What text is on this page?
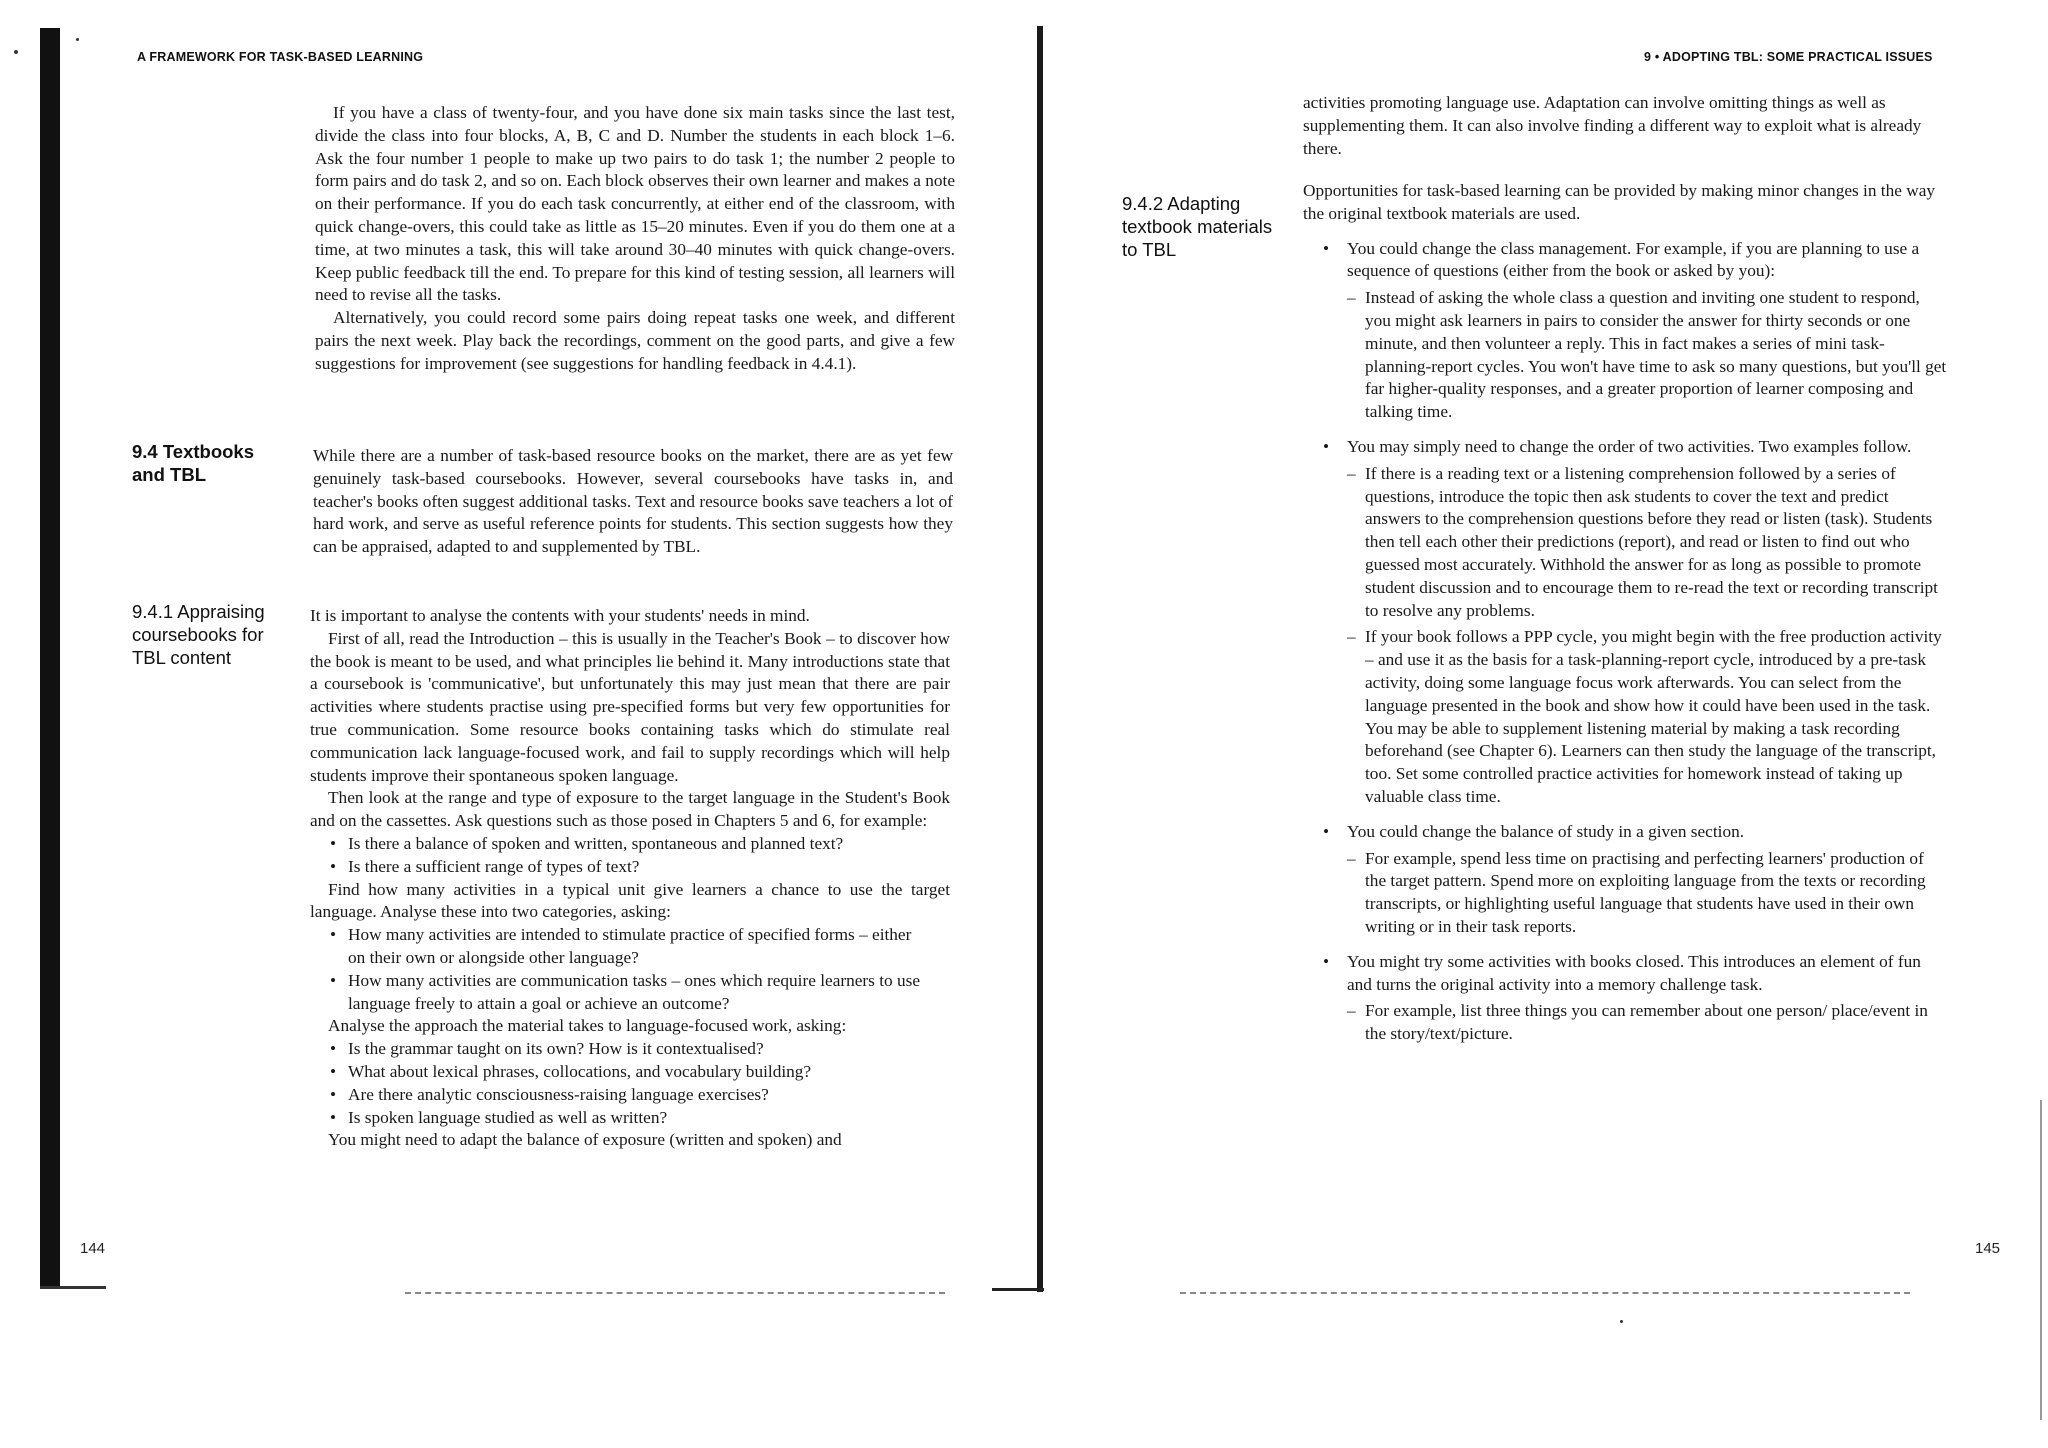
A FRAMEWORK FOR TASK-BASED LEARNING

If you have a class of twenty-four, and you have done six main tasks since the last test, divide the class into four blocks, A, B, C and D. Number the students in each block 1–6. Ask the four number 1 people to make up two pairs to do task 1; the number 2 people to form pairs and do task 2, and so on. Each block observes their own learner and makes a note on their performance. If you do each task concurrently, at either end of the classroom, with quick change-overs, this could take as little as 15–20 minutes. Even if you do them one at a time, at two minutes a task, this will take around 30–40 minutes with quick change-overs. Keep public feedback till the end. To prepare for this kind of testing session, all learners will need to revise all the tasks.

Alternatively, you could record some pairs doing repeat tasks one week, and different pairs the next week. Play back the recordings, comment on the good parts, and give a few suggestions for improvement (see suggestions for handling feedback in 4.4.1).

9.4 Textbooks
and TBL

While there are a number of task-based resource books on the market, there are as yet few genuinely task-based coursebooks. However, several coursebooks have tasks in, and teacher's books often suggest additional tasks. Text and resource books save teachers a lot of hard work, and serve as useful reference points for students. This section suggests how they can be appraised, adapted to and supplemented by TBL.

9.4.1 Appraising
coursebooks for
TBL content

It is important to analyse the contents with your students' needs in mind.

First of all, read the Introduction – this is usually in the Teacher's Book – to discover how the book is meant to be used, and what principles lie behind it. Many introductions state that a coursebook is 'communicative', but unfortunately this may just mean that there are pair activities where students practise using pre-specified forms but very few opportunities for true communication. Some resource books containing tasks which do stimulate real communication lack language-focused work, and fail to supply recordings which will help students improve their spontaneous spoken language.

Then look at the range and type of exposure to the target language in the Student's Book and on the cassettes. Ask questions such as those posed in Chapters 5 and 6, for example:

• Is there a balance of spoken and written, spontaneous and planned text?
• Is there a sufficient range of types of text?

Find how many activities in a typical unit give learners a chance to use the target language. Analyse these into two categories, asking:

• How many activities are intended to stimulate practice of specified forms – either on their own or alongside other language?
• How many activities are communication tasks – ones which require learners to use language freely to attain a goal or achieve an outcome?

Analyse the approach the material takes to language-focused work, asking:

• Is the grammar taught on its own? How is it contextualised?
• What about lexical phrases, collocations, and vocabulary building?
• Are there analytic consciousness-raising language exercises?
• Is spoken language studied as well as written?

You might need to adapt the balance of exposure (written and spoken) and

144
9 • ADOPTING TBL: SOME PRACTICAL ISSUES

activities promoting language use. Adaptation can involve omitting things as well as supplementing them. It can also involve finding a different way to exploit what is already there.

9.4.2 Adapting
textbook materials
to TBL

Opportunities for task-based learning can be provided by making minor changes in the way the original textbook materials are used.

• You could change the class management. For example, if you are planning to use a sequence of questions (either from the book or asked by you):
– Instead of asking the whole class a question and inviting one student to respond, you might ask learners in pairs to consider the answer for thirty seconds or one minute, and then volunteer a reply. This in fact makes a series of mini task-planning-report cycles. You won't have time to ask so many questions, but you'll get far higher-quality responses, and a greater proportion of learner composing and talking time.
• You may simply need to change the order of two activities. Two examples follow.
– If there is a reading text or a listening comprehension followed by a series of questions, introduce the topic then ask students to cover the text and predict answers to the comprehension questions before they read or listen (task). Students then tell each other their predictions (report), and read or listen to find out who guessed most accurately. Withhold the answer for as long as possible to promote student discussion and to encourage them to re-read the text or recording transcript to resolve any problems.
– If your book follows a PPP cycle, you might begin with the free production activity – and use it as the basis for a task-planning-report cycle, introduced by a pre-task activity, doing some language focus work afterwards. You can select from the language presented in the book and show how it could have been used in the task. You may be able to supplement listening material by making a task recording beforehand (see Chapter 6). Learners can then study the language of the transcript, too. Set some controlled practice activities for homework instead of taking up valuable class time.
• You could change the balance of study in a given section.
– For example, spend less time on practising and perfecting learners' production of the target pattern. Spend more on exploiting language from the texts or recording transcripts, or highlighting useful language that students have used in their own writing or in their task reports.
• You might try some activities with books closed. This introduces an element of fun and turns the original activity into a memory challenge task.
– For example, list three things you can remember about one person/ place/event in the story/text/picture.
145
